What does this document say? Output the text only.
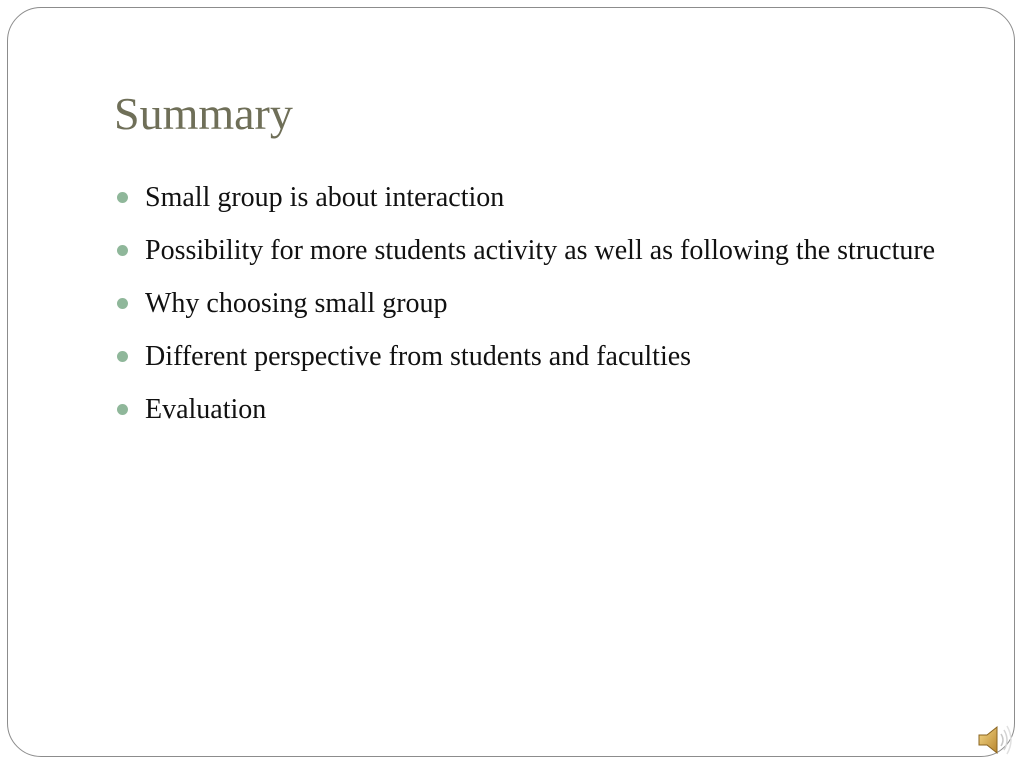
Summary
Small group is about interaction
Possibility for more students activity as well as following the structure
Why choosing small group
Different perspective from students and faculties
Evaluation
